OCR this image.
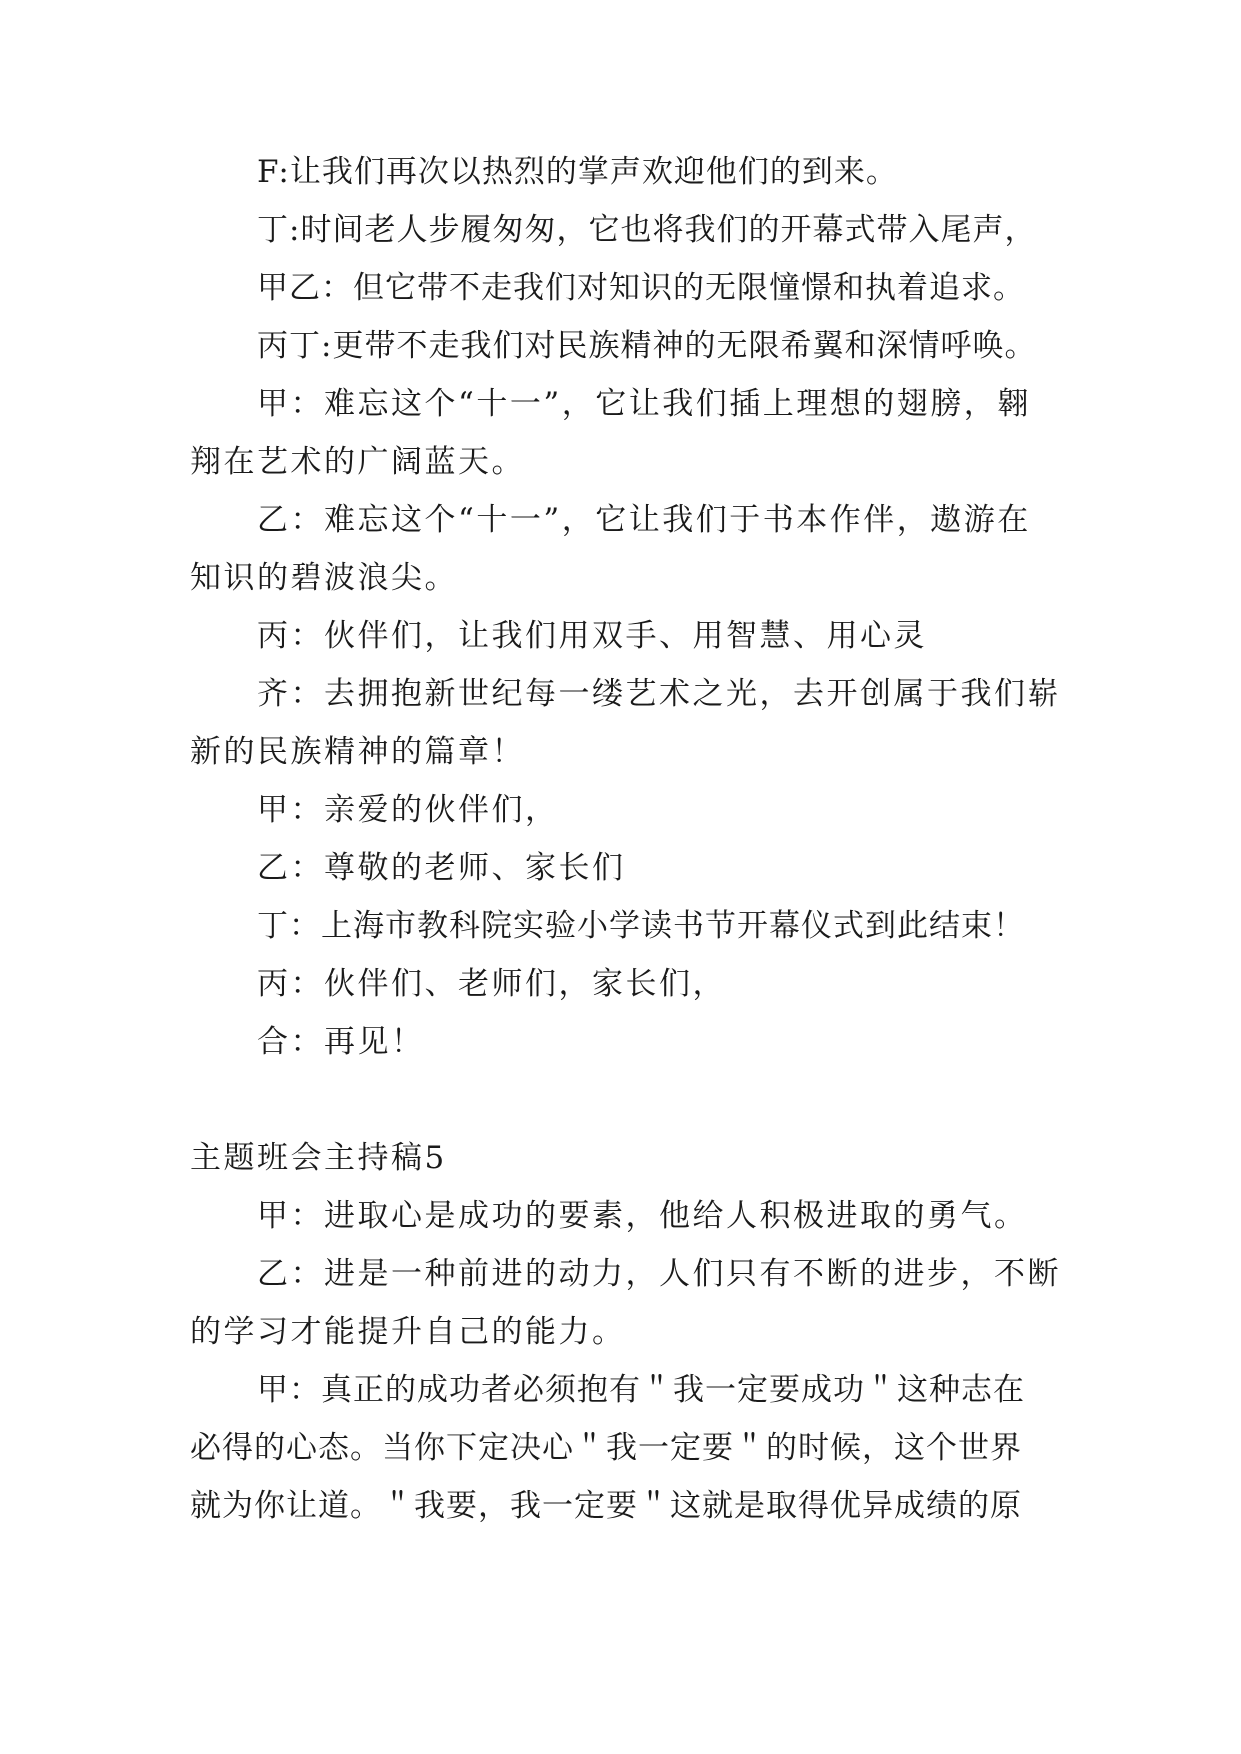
F:让我们再次以热烈的掌声欢迎他们的到来。
丁:时间老人步履匆匆，它也将我们的开幕式带入尾声，
甲乙：但它带不走我们对知识的无限憧憬和执着追求。
丙丁:更带不走我们对民族精神的无限希翼和深情呼唤。
甲：难忘这个“十一”，它让我们插上理想的翅膀，翱
翔在艺术的广阔蓝天。
乙：难忘这个“十一”，它让我们于书本作伴，遨游在
知识的碧波浪尖。
丙：伙伴们，让我们用双手、用智慧、用心灵
齐：去拥抱新世纪每一缕艺术之光，去开创属于我们崭
新的民族精神的篇章！
甲：亲爱的伙伴们，
乙：尊敬的老师、家长们
丁：上海市教科院实验小学读书节开幕仪式到此结束！
丙：伙伴们、老师们，家长们，
合：再见！
主题班会主持稿5
甲：进取心是成功的要素，他给人积极进取的勇气。
乙：进是一种前进的动力，人们只有不断的进步，不断
的学习才能提升自己的能力。
甲：真正的成功者必须抱有＂我一定要成功＂这种志在
必得的心态。当你下定决心＂我一定要＂的时候，这个世界
就为你让道。＂我要，我一定要＂这就是取得优异成绩的原
